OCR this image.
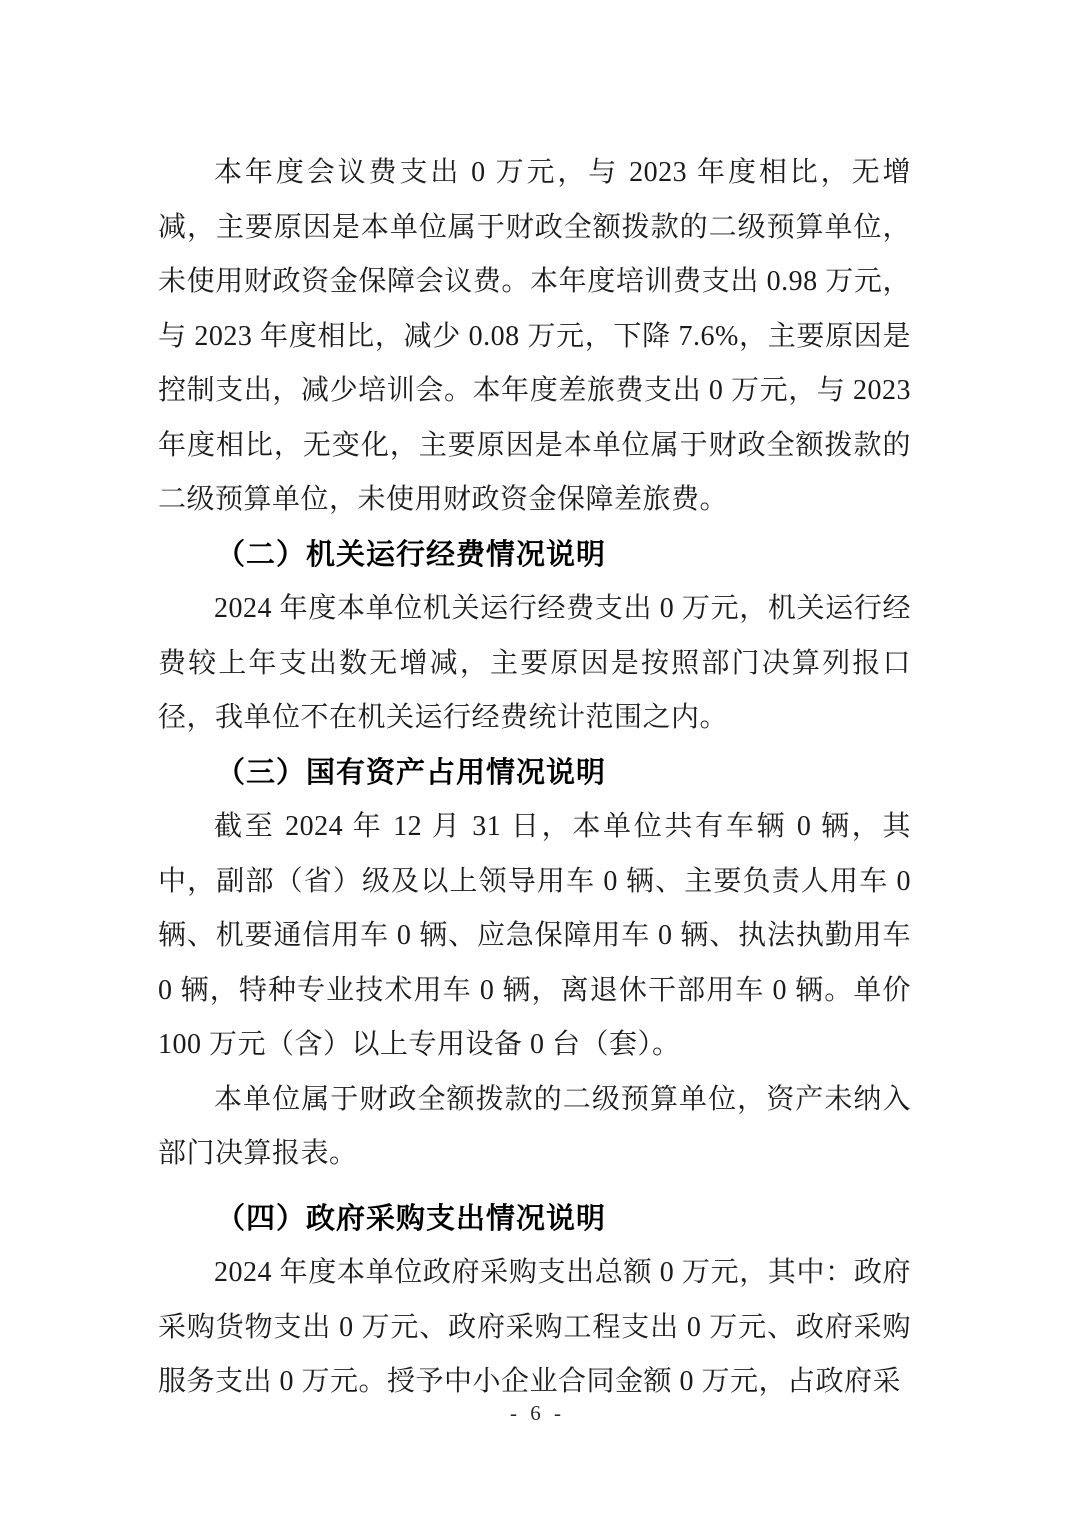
本年度会议费支出 0 万元，与 2023 年度相比，无增减，主要原因是本单位属于财政全额拨款的二级预算单位，未使用财政资金保障会议费。本年度培训费支出 0.98 万元，与 2023 年度相比，减少 0.08 万元，下降 7.6%，主要原因是控制支出，减少培训会。本年度差旅费支出 0 万元，与 2023 年度相比，无变化，主要原因是本单位属于财政全额拨款的二级预算单位，未使用财政资金保障差旅费。

（二）机关运行经费情况说明

2024 年度本单位机关运行经费支出 0 万元，机关运行经费较上年支出数无增减，主要原因是按照部门决算列报口径，我单位不在机关运行经费统计范围之内。

（三）国有资产占用情况说明

截至 2024 年 12 月 31 日，本单位共有车辆 0 辆，其中，副部（省）级及以上领导用车 0 辆、主要负责人用车 0 辆、机要通信用车 0 辆、应急保障用车 0 辆、执法执勤用车 0 辆，特种专业技术用车 0 辆，离退休干部用车 0 辆。单价 100 万元（含）以上专用设备 0 台（套）。

本单位属于财政全额拨款的二级预算单位，资产未纳入部门决算报表。

（四）政府采购支出情况说明

2024 年度本单位政府采购支出总额 0 万元，其中：政府采购货物支出 0 万元、政府采购工程支出 0 万元、政府采购服务支出 0 万元。授予中小企业合同金额 0 万元，占政府采

- 6 -
